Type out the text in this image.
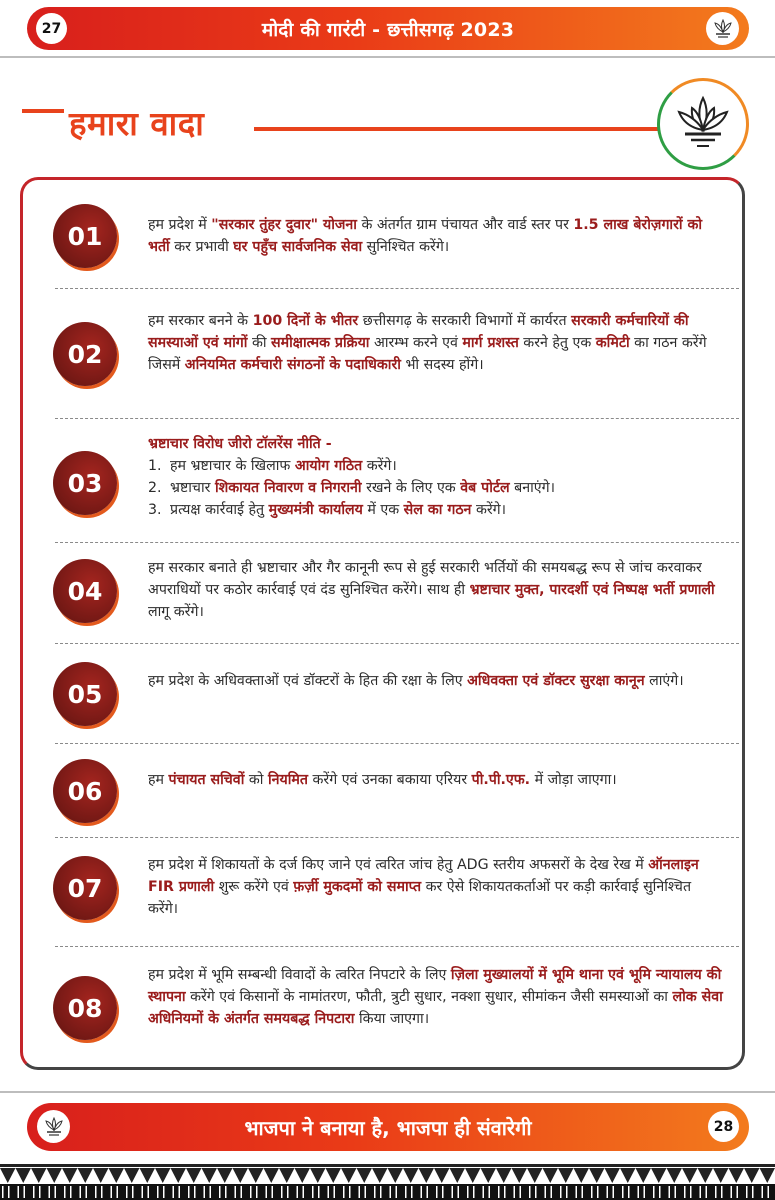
27	मोदी की गारंटी - छत्तीसगढ़ 2023
हमारा वादा
01	हम प्रदेश में "सरकार तुंहर दुवार" योजना के अंतर्गत ग्राम पंचायत और वार्ड स्तर पर 1.5 लाख बेरोज़गारों को भर्ती कर प्रभावी घर पहुँच सार्वजनिक सेवा सुनिश्चित करेंगे।
02
हम सरकार बनने के 100 दिनों के भीतर छत्तीसगढ़ के सरकारी विभागों में कार्यरत सरकारी कर्मचारियों की समस्याओं एवं मांगों की समीक्षात्मक प्रक्रिया आरम्भ करने एवं मार्ग प्रशस्त करने हेतु एक कमिटी का गठन करेंगे जिसमें अनियमित कर्मचारी संगठनों के पदाधिकारी भी सदस्य होंगे।
03
भ्रष्टाचार विरोध जीरो टॉलरेंस नीति -
1. हम भ्रष्टाचार के खिलाफ आयोग गठित करेंगे।
2. भ्रष्टाचार शिकायत निवारण व निगरानी रखने के लिए एक वेब पोर्टल बनाएंगे।
3. प्रत्यक्ष कार्रवाई हेतु मुख्यमंत्री कार्यालय में एक सेल का गठन करेंगे।
04
हम सरकार बनाते ही भ्रष्टाचार और गैर कानूनी रूप से हुई सरकारी भर्तियों की समयबद्ध रूप से जांच करवाकर अपराधियों पर कठोर कार्रवाई एवं दंड सुनिश्चित करेंगे। साथ ही भ्रष्टाचार मुक्त, पारदर्शी एवं निष्पक्ष भर्ती प्रणाली लागू करेंगे।
05	हम प्रदेश के अधिवक्ताओं एवं डॉक्टरों के हित की रक्षा के लिए अधिवक्ता एवं डॉक्टर सुरक्षा कानून लाएंगे।
06	हम पंचायत सचिवों को नियमित करेंगे एवं उनका बकाया एरियर पी.पी.एफ. में जोड़ा जाएगा।
07
हम प्रदेश में शिकायतों के दर्ज किए जाने एवं त्वरित जांच हेतु ADG स्तरीय अफसरों के देख रेख में ऑनलाइन FIR प्रणाली शुरू करेंगे एवं फ़र्ज़ी मुकदमों को समाप्त कर ऐसे शिकायतकर्ताओं पर कड़ी कार्रवाई सुनिश्चित करेंगे।
08
हम प्रदेश में भूमि सम्बन्धी विवादों के त्वरित निपटारे के लिए ज़िला मुख्यालयों में भूमि थाना एवं भूमि न्यायालय की स्थापना करेंगे एवं किसानों के नामांतरण, फौती, त्रुटी सुधार, नक्शा सुधार, सीमांकन जैसी समस्याओं का लोक सेवा अधिनियमों के अंतर्गत समयबद्ध निपटारा किया जाएगा।
भाजपा ने बनाया है, भाजपा ही संवारेगी	28
